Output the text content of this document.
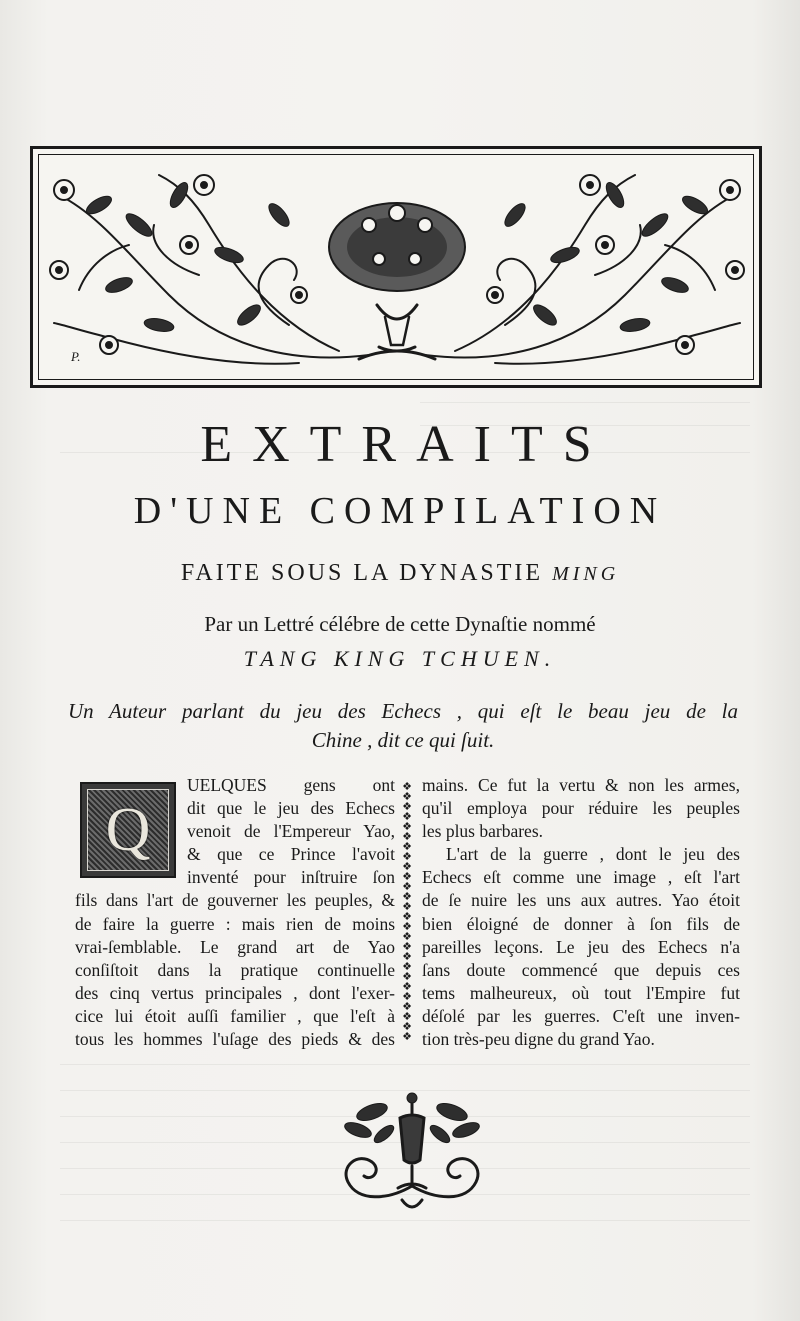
P.
EXTRAITS
D'UNE COMPILATION
FAITE SOUS LA DYNASTIE MING
Par un Lettré célébre de cette Dynaſtie nommé
TANG KING TCHUEN.
Un Auteur parlant du jeu des Echecs , qui eſt le beau jeu de la
Chine , dit ce qui ſuit.
Q
UELQUES gens ont
dit que le jeu des Echecs
venoit de l'Empereur Yao,
& que ce Prince l'avoit
inventé pour inſtruire ſon
fils dans l'art de gouverner les peuples, &
de faire la guerre : mais rien de moins
vrai-ſemblable. Le grand art de Yao
conſiſtoit dans la pratique continuelle
des cinq vertus principales , dont l'exer-
cice lui étoit auſſi familier , que l'eſt à
tous les hommes l'uſage des pieds & des
❖
❖
❖
❖
❖
❖
❖
❖
❖
❖
❖
❖
❖
❖
❖
❖
❖
❖
❖
❖
❖
❖
❖
❖
❖
❖
mains. Ce fut la vertu & non les armes,
qu'il employa pour réduire les peuples
les plus barbares.
L'art de la guerre , dont le jeu des
Echecs eſt comme une image , eſt l'art
de ſe nuire les uns aux autres. Yao étoit
bien éloigné de donner à ſon fils de
pareilles leçons. Le jeu des Echecs n'a
ſans doute commencé que depuis ces
tems malheureux, où tout l'Empire fut
déſolé par les guerres. C'eſt une inven-
tion très-peu digne du grand Yao.
